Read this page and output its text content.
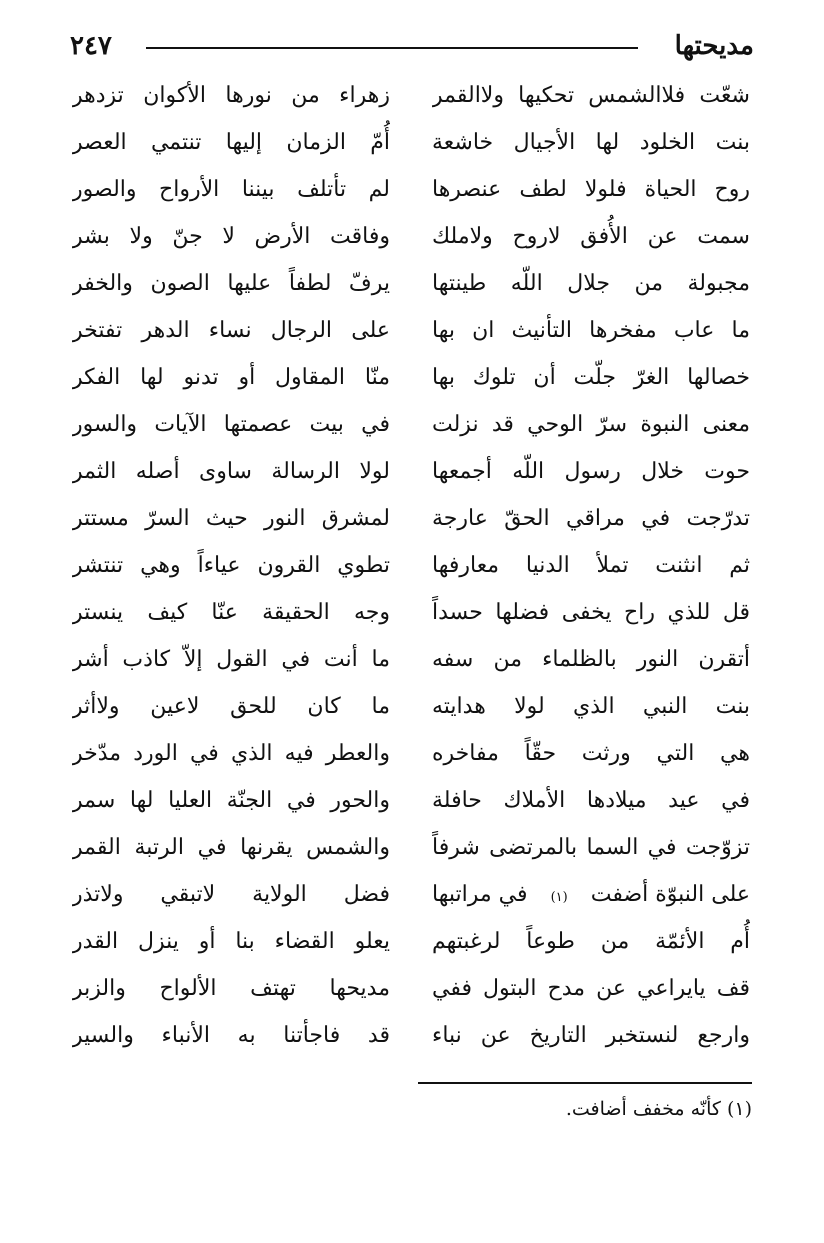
مديحتها
٢٤٧
شعّت فلاالشمس تحكيها ولاالقمر
بنت الخلود لها الأجيال خاشعة
روح الحياة فلولا لطف عنصرها
سمت عن الأُفق لاروح ولاملك
مجبولة من جلال اللّه طينتها
ما عاب مفخرها التأنيث ان بها
خصالها الغرّ جلّت أن تلوك بها
معنى النبوة سرّ الوحي قد نزلت
حوت خلال رسول اللّه أجمعها
تدرّجت في مراقي الحقّ عارجة
ثم انثنت تملأ الدنيا معارفها
قل للذي راح يخفى فضلها حسداً
أتقرن النور بالظلماء من سفه
بنت النبي الذي لولا هدايته
هي التي ورثت حقّاً مفاخره
في عيد ميلادها الأملاك حافلة
تزوّجت في السما بالمرتضى شرفاً
على النبوّة أضفت
(١)
في مراتبها
أُم الأئمّة من طوعاً لرغبتهم
قف يايراعي عن مدح البتول ففي
وارجع لنستخبر التاريخ عن نباء
زهراء من نورها الأكوان تزدهر
أُمّ الزمان إليها تنتمي العصر
لم تأتلف بيننا الأرواح والصور
وفاقت الأرض لا جنّ ولا بشر
يرفّ لطفاً عليها الصون والخفر
على الرجال نساء الدهر تفتخر
منّا المقاول أو تدنو لها الفكر
في بيت عصمتها الآيات والسور
لولا الرسالة ساوى أصله الثمر
لمشرق النور حيث السرّ مستتر
تطوي القرون عياءاً وهي تنتشر
وجه الحقيقة عنّا كيف ينستر
ما أنت في القول إلاّ كاذب أشر
ما كان للحق لاعين ولاأثر
والعطر فيه الذي في الورد مدّخر
والحور في الجنّة العليا لها سمر
والشمس يقرنها في الرتبة القمر
فضل الولاية لاتبقي ولاتذر
يعلو القضاء بنا أو ينزل القدر
مديحها تهتف الألواح والزبر
قد فاجأتنا به الأنباء والسير
(١) كأنّه مخفف أضافت.
